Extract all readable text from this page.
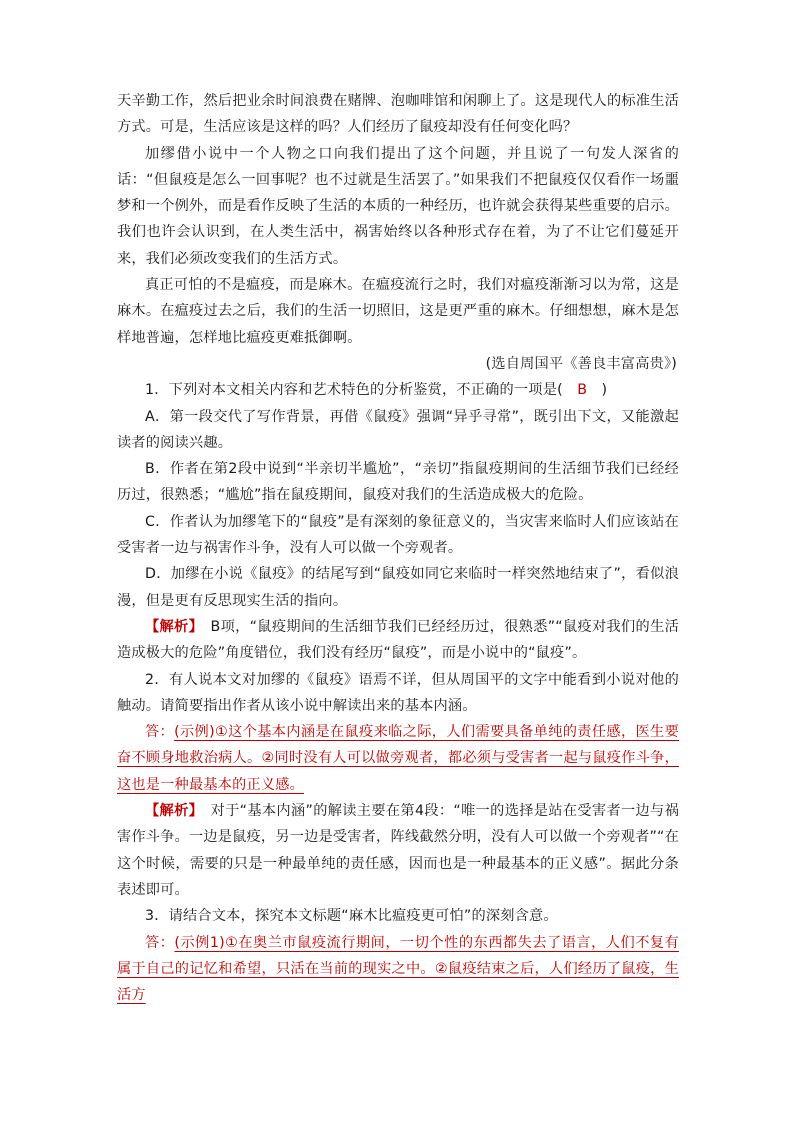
天辛勤工作，然后把业余时间浪费在赌牌、泡咖啡馆和闲聊上了。这是现代人的标准生活方式。可是，生活应该是这样的吗？人们经历了鼠疫却没有任何变化吗？

加缪借小说中一个人物之口向我们提出了这个问题，并且说了一句发人深省的话：“但鼠疫是怎么一回事呢？也不过就是生活罢了。”如果我们不把鼠疫仅仅看作一场噩梦和一个例外，而是看作反映了生活的本质的一种经历，也许就会获得某些重要的启示。我们也许会认识到，在人类生活中，祸害始终以各种形式存在着，为了不让它们蔓延开来，我们必须改变我们的生活方式。

真正可怕的不是瘟疫，而是麻木。在瘟疫流行之时，我们对瘟疫渐渐习以为常，这是麻木。在瘟疫过去之后，我们的生活一切照旧，这是更严重的麻木。仔细想想，麻木是怎样地普遍，怎样地比瘟疫更难抵御啊。

(选自周国平《善良丰富高贵》)

1．下列对本文相关内容和艺术特色的分析鉴赏，不正确的一项是(　B　)

A．第一段交代了写作背景，再借《鼠疫》强调“异乎寻常”，既引出下文，又能激起读者的阅读兴趣。

B．作者在第2段中说到“半亲切半尴尬”，“亲切”指鼠疫期间的生活细节我们已经经历过，很熟悉；“尴尬”指在鼠疫期间，鼠疫对我们的生活造成极大的危险。

C．作者认为加缪笔下的“鼠疫”是有深刻的象征意义的，当灾害来临时人们应该站在受害者一边与祸害作斗争，没有人可以做一个旁观者。

D．加缪在小说《鼠疫》的结尾写到“鼠疫如同它来临时一样突然地结束了”，看似浪漫，但是更有反思现实生活的指向。

【解析】　B项，“鼠疫期间的生活细节我们已经经历过，很熟悉”“鼠疫对我们的生活造成极大的危险”角度错位，我们没有经历“鼠疫”，而是小说中的“鼠疫”。

2．有人说本文对加缪的《鼠疫》语焉不详，但从周国平的文字中能看到小说对他的触动。请简要指出作者从该小说中解读出来的基本内涵。

答：(示例)①这个基本内涵是在鼠疫来临之际，人们需要具备单纯的责任感，医生要奋不顾身地救治病人。②同时没有人可以做旁观者，都必须与受害者一起与鼠疫作斗争，这也是一种最基本的正义感。

【解析】　对于“基本内涵”的解读主要在第4段：“唯一的选择是站在受害者一边与祸害作斗争。一边是鼠疫，另一边是受害者，阵线截然分明，没有人可以做一个旁观者”“在这个时候，需要的只是一种最单纯的责任感，因而也是一种最基本的正义感”。据此分条表述即可。

3．请结合文本，探究本文标题“麻木比瘟疫更可怕”的深刻含意。

答：(示例1)①在奥兰市鼠疫流行期间，一切个性的东西都失去了语言，人们不复有属于自己的记忆和希望，只活在当前的现实之中。②鼠疫结束之后，人们经历了鼠疫，生活方
